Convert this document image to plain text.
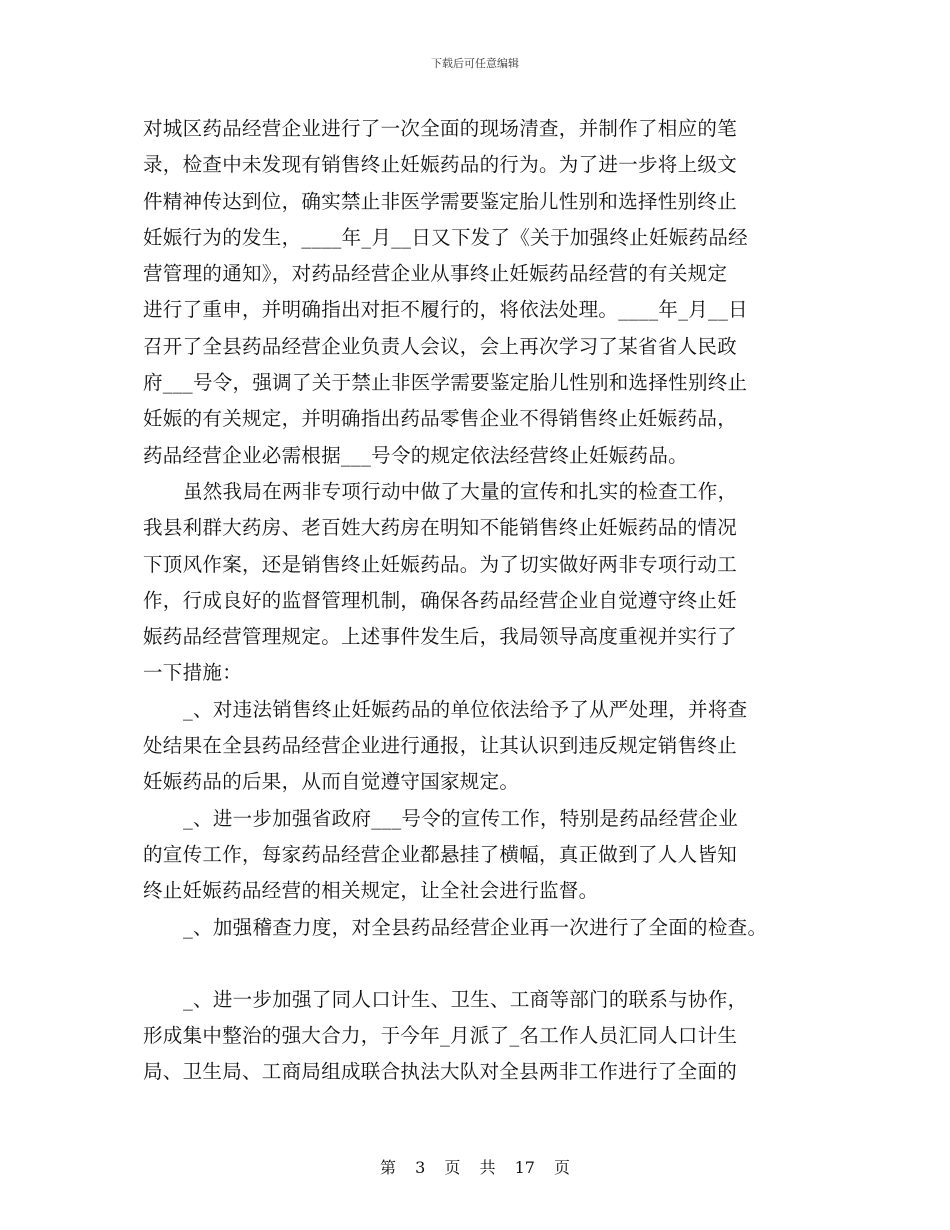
下载后可任意编辑
对城区药品经营企业进行了一次全面的现场清查，并制作了相应的笔
录，检查中未发现有销售终止妊娠药品的行为。为了进一步将上级文
件精神传达到位，确实禁止非医学需要鉴定胎儿性别和选择性别终止
妊娠行为的发生，____年_月__日又下发了《关于加强终止妊娠药品经
营管理的通知》，对药品经营企业从事终止妊娠药品经营的有关规定
进行了重申，并明确指出对拒不履行的，将依法处理。____年_月__日
召开了全县药品经营企业负责人会议，会上再次学习了某省省人民政
府___号令，强调了关于禁止非医学需要鉴定胎儿性别和选择性别终止
妊娠的有关规定，并明确指出药品零售企业不得销售终止妊娠药品，
药品经营企业必需根据___号令的规定依法经营终止妊娠药品。
虽然我局在两非专项行动中做了大量的宣传和扎实的检查工作，
我县利群大药房、老百姓大药房在明知不能销售终止妊娠药品的情况
下顶风作案，还是销售终止妊娠药品。为了切实做好两非专项行动工
作，行成良好的监督管理机制，确保各药品经营企业自觉遵守终止妊
娠药品经营管理规定。上述事件发生后，我局领导高度重视并实行了
一下措施：
_、对违法销售终止妊娠药品的单位依法给予了从严处理，并将查
处结果在全县药品经营企业进行通报，让其认识到违反规定销售终止
妊娠药品的后果，从而自觉遵守国家规定。
_、进一步加强省政府___号令的宣传工作，特别是药品经营企业
的宣传工作，每家药品经营企业都悬挂了横幅，真正做到了人人皆知
终止妊娠药品经营的相关规定，让全社会进行监督。
_、加强稽查力度，对全县药品经营企业再一次进行了全面的检查。
_、进一步加强了同人口计生、卫生、工商等部门的联系与协作，
形成集中整治的强大合力，于今年_月派了_名工作人员汇同人口计生
局、卫生局、工商局组成联合执法大队对全县两非工作进行了全面的
第 3 页 共 17 页
